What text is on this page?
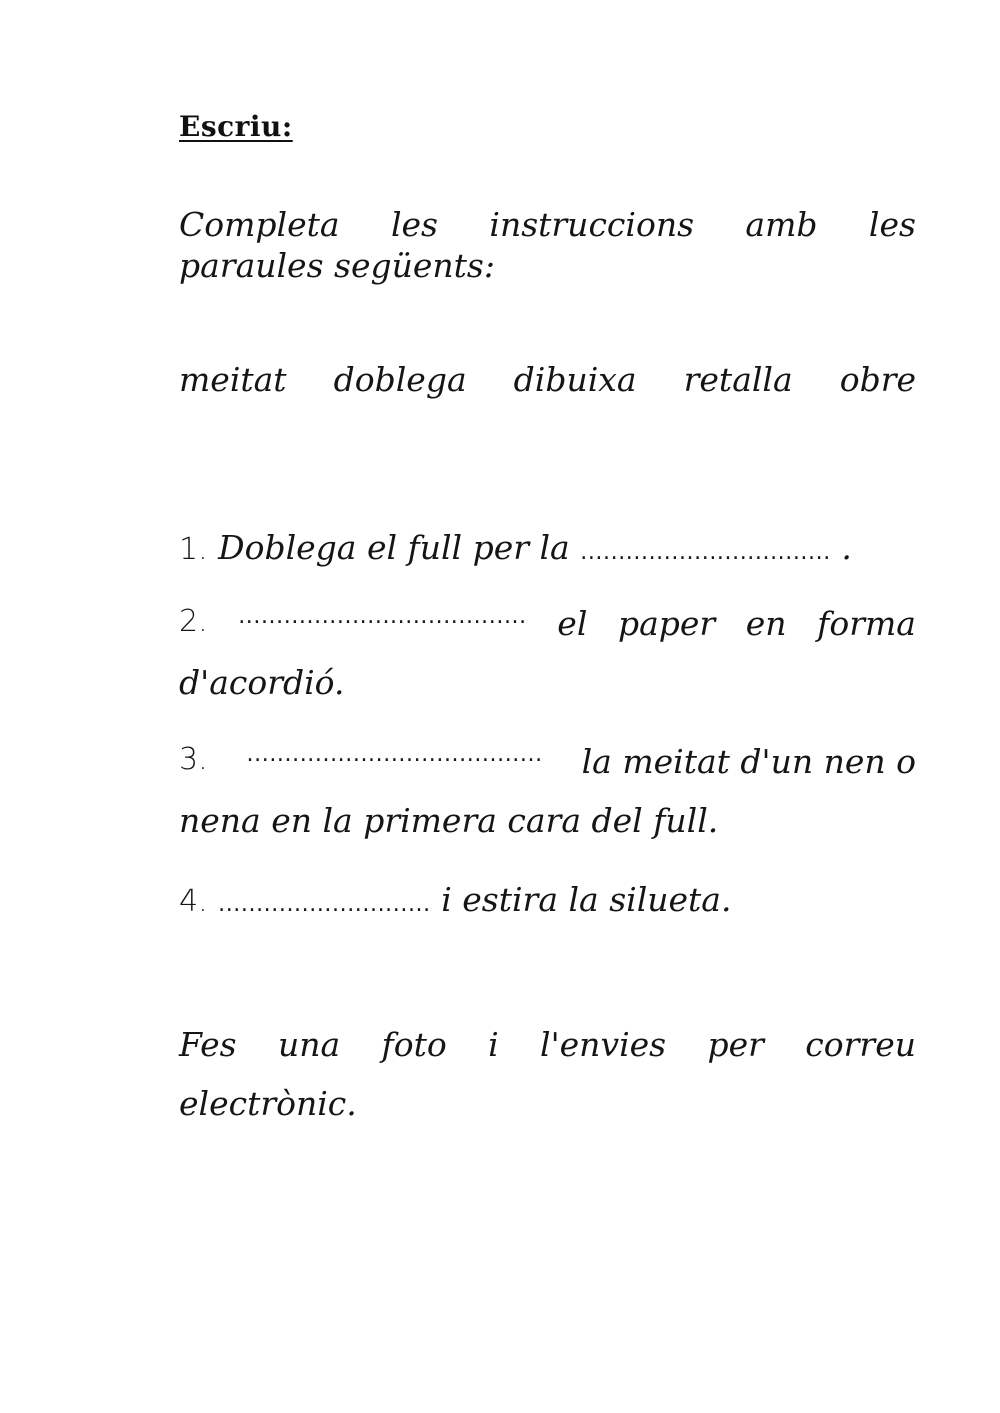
Escriu:
Completa les instruccions amb les
paraules següents:
meitat doblega dibuixa retalla obre
1. Doblega el full per la ................................. .
2. ...................................... el paper en forma
d'acordió.
3. ....................................... la meitat d'un nen o
nena en la primera cara del full.
4. ............................ i estira la silueta.
Fes una foto i l'envies per correu
electrònic.
